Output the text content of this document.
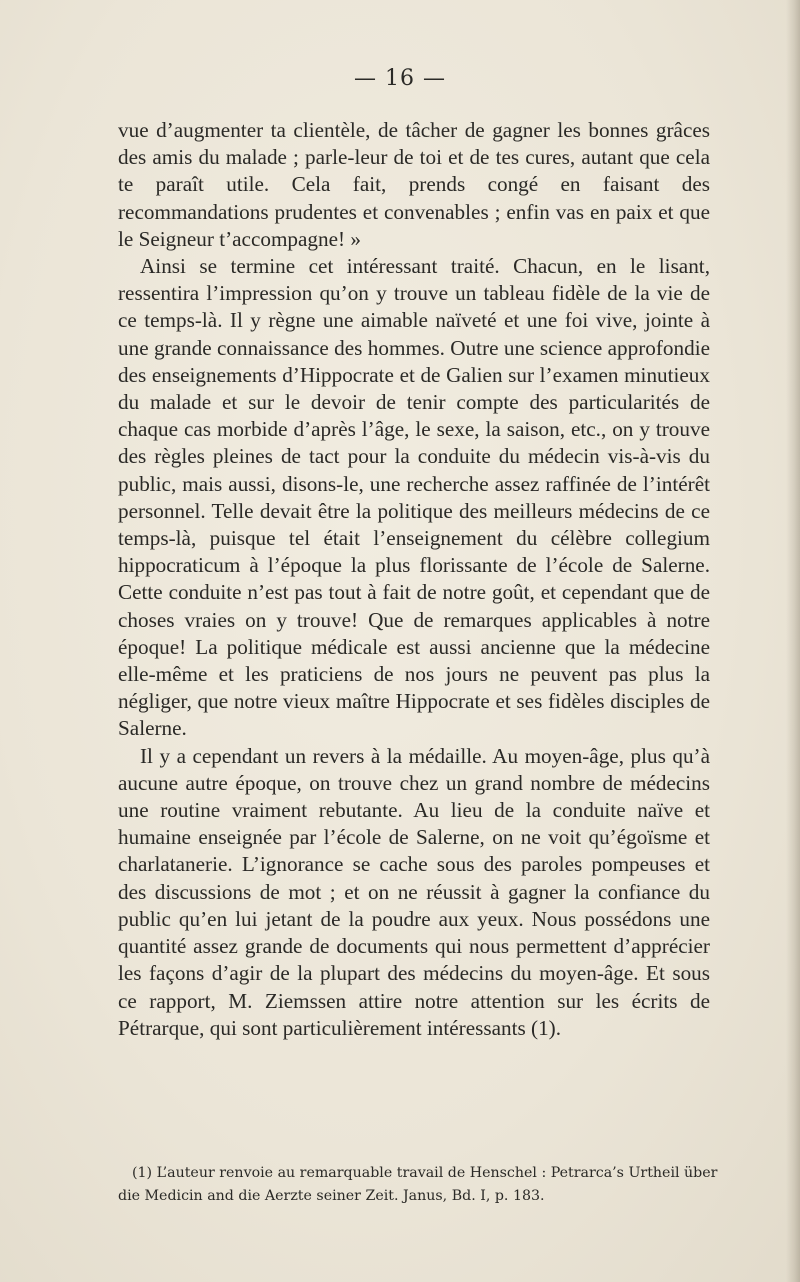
— 16 —

vue d’augmenter ta clientèle, de tâcher de gagner les bonnes grâces des amis du malade ; parle-leur de toi et de tes cures, autant que cela te paraît utile. Cela fait, prends congé en faisant des recommandations prudentes et convenables ; enfin vas en paix et que le Seigneur t’accompagne! »

Ainsi se termine cet intéressant traité. Chacun, en le lisant, ressentira l’impression qu’on y trouve un tableau fidèle de la vie de ce temps-là. Il y règne une aimable naïveté et une foi vive, jointe à une grande connaissance des hommes. Outre une science approfondie des enseignements d’Hippocrate et de Galien sur l’examen minutieux du malade et sur le devoir de tenir compte des particularités de chaque cas morbide d’après l’âge, le sexe, la saison, etc., on y trouve des règles pleines de tact pour la conduite du médecin vis-à-vis du public, mais aussi, disons-le, une recherche assez raffinée de l’intérêt personnel. Telle devait être la politique des meilleurs médecins de ce temps-là, puisque tel était l’enseignement du célèbre collegium hippocraticum à l’époque la plus florissante de l’école de Salerne. Cette conduite n’est pas tout à fait de notre goût, et cependant que de choses vraies on y trouve! Que de remarques applicables à notre époque! La politique médicale est aussi ancienne que la médecine elle-même et les praticiens de nos jours ne peuvent pas plus la négliger, que notre vieux maître Hippocrate et ses fidèles disciples de Salerne.

Il y a cependant un revers à la médaille. Au moyen-âge, plus qu’à aucune autre époque, on trouve chez un grand nombre de médecins une routine vraiment rebutante. Au lieu de la conduite naïve et humaine enseignée par l’école de Salerne, on ne voit qu’égoïsme et charlatanerie. L’ignorance se cache sous des paroles pompeuses et des discussions de mot ; et on ne réussit à gagner la confiance du public qu’en lui jetant de la poudre aux yeux. Nous possédons une quantité assez grande de documents qui nous permettent d’apprécier les façons d’agir de la plupart des médecins du moyen-âge. Et sous ce rapport, M. Ziemssen attire notre attention sur les écrits de Pétrarque, qui sont particulièrement intéressants (1).

(1) L’auteur renvoie au remarquable travail de Henschel : Petrarca’s Urtheil über die Medicin and die Aerzte seiner Zeit. Janus, Bd. I, p. 183.
